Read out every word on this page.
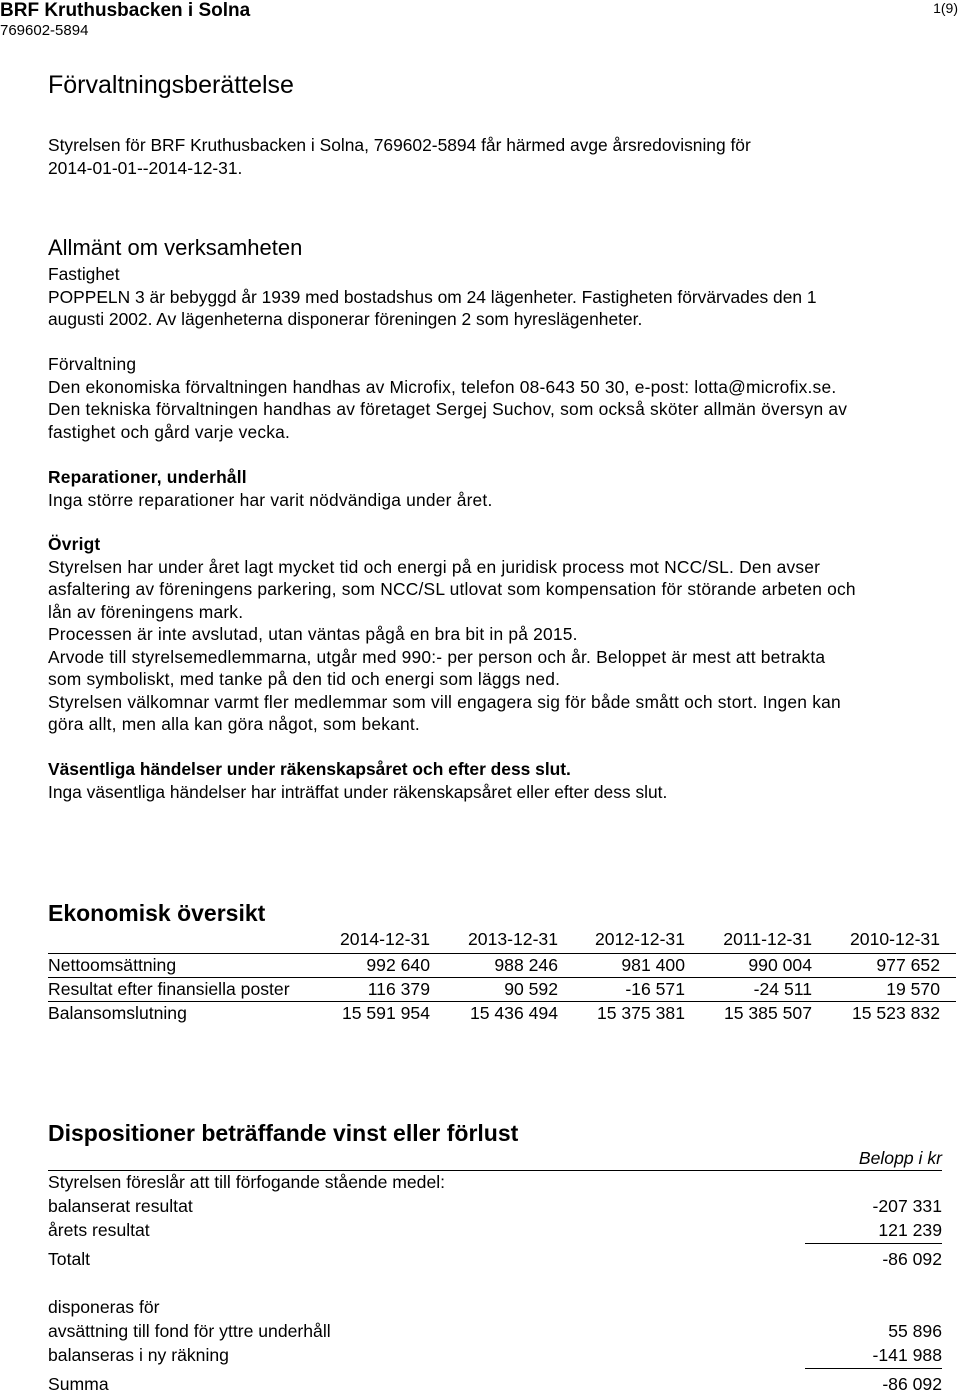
BRF Kruthusbacken i Solna
769602-5894
1(9)
Förvaltningsberättelse

Styrelsen för BRF Kruthusbacken i Solna, 769602-5894 får härmed avge årsredovisning för

2014-01-01--2014-12-31.

Allmänt om verksamheten

Fastighet

POPPELN 3 är bebyggd år 1939 med bostadshus om 24 lägenheter. Fastigheten förvärvades den 1

augusti 2002. Av lägenheterna disponerar föreningen 2 som hyreslägenheter.

Förvaltning

Den ekonomiska förvaltningen handhas av Microfix, telefon 08-643 50 30, e-post: lotta@microfix.se.

Den tekniska förvaltningen handhas av företaget Sergej Suchov, som också sköter allmän översyn av

fastighet och gård varje vecka.

Reparationer, underhåll

Inga större reparationer har varit nödvändiga under året.

Övrigt

Styrelsen har under året lagt mycket tid och energi på en juridisk process mot NCC/SL. Den avser

asfaltering av föreningens parkering, som NCC/SL utlovat som kompensation för störande arbeten och

lån av föreningens mark.

Processen är inte avslutad, utan väntas pågå en bra bit in på 2015.

Arvode till styrelsemedlemmarna, utgår med 990:- per person och år. Beloppet är mest att betrakta

som symboliskt, med tanke på den tid och energi som läggs ned.

Styrelsen välkomnar varmt fler medlemmar som vill engagera sig för både smått och stort. Ingen kan

göra allt, men alla kan göra något, som bekant.

Väsentliga händelser under räkenskapsåret och efter dess slut.

Inga väsentliga händelser har inträffat under räkenskapsåret eller efter dess slut.

Ekonomisk översikt
2014-12-31	2013-12-31	2012-12-31	2011-12-31	2010-12-31
Nettoomsättning	992 640	988 246	981 400	990 004	977 652
Resultat efter finansiella poster	116 379	90 592	-16 571	-24 511	19 570
Balansomslutning	15 591 954	15 436 494	15 375 381	15 385 507	15 523 832
Dispositioner beträffande vinst eller förlust
Belopp i kr
Styrelsen föreslår att till förfogande stående medel:
balanserat resultat	-207 331
årets resultat	121 239
Totalt	-86 092
disponeras för
avsättning till fond för yttre underhåll	55 896
balanseras i ny räkning	-141 988
Summa	-86 092
